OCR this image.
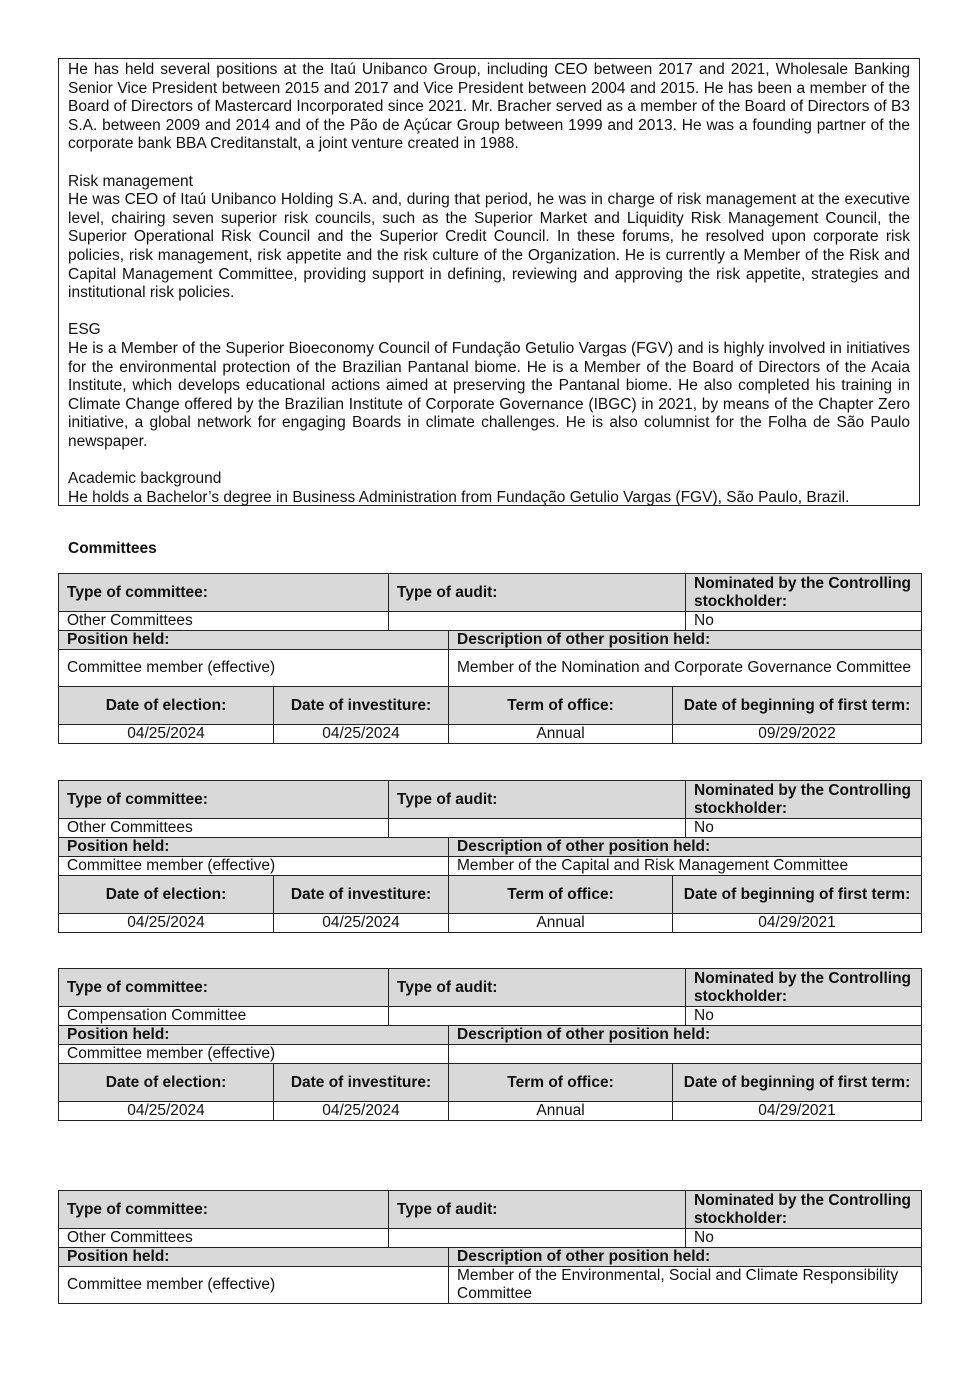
He has held several positions at the Itaú Unibanco Group, including CEO between 2017 and 2021, Wholesale Banking Senior Vice President between 2015 and 2017 and Vice President between 2004 and 2015. He has been a member of the Board of Directors of Mastercard Incorporated since 2021. Mr. Bracher served as a member of the Board of Directors of B3 S.A. between 2009 and 2014 and of the Pão de Açúcar Group between 1999 and 2013. He was a founding partner of the corporate bank BBA Creditanstalt, a joint venture created in 1988.

Risk management
He was CEO of Itaú Unibanco Holding S.A. and, during that period, he was in charge of risk management at the executive level, chairing seven superior risk councils, such as the Superior Market and Liquidity Risk Management Council, the Superior Operational Risk Council and the Superior Credit Council. In these forums, he resolved upon corporate risk policies, risk management, risk appetite and the risk culture of the Organization. He is currently a Member of the Risk and Capital Management Committee, providing support in defining, reviewing and approving the risk appetite, strategies and institutional risk policies.

ESG
He is a Member of the Superior Bioeconomy Council of Fundação Getulio Vargas (FGV) and is highly involved in initiatives for the environmental protection of the Brazilian Pantanal biome. He is a Member of the Board of Directors of the Acaia Institute, which develops educational actions aimed at preserving the Pantanal biome. He also completed his training in Climate Change offered by the Brazilian Institute of Corporate Governance (IBGC) in 2021, by means of the Chapter Zero initiative, a global network for engaging Boards in climate challenges. He is also columnist for the Folha de São Paulo newspaper.

Academic background
He holds a Bachelor’s degree in Business Administration from Fundação Getulio Vargas (FGV), São Paulo, Brazil.

Committees
Type of committee:		Type of audit:			Nominated by the Controlling stockholder:
Other Committees					No
Position held:			Description of other position held:		
Committee member (effective)			Member of the Nomination and Corporate Governance Committee		
Date of election:	Date of investiture:		Term of office:	Date of beginning of first term:	
04/25/2024	04/25/2024		Annual	09/29/2022	
Type of committee:		Type of audit:			Nominated by the Controlling stockholder:
Other Committees					No
Position held:			Description of other position held:		
Committee member (effective)			Member of the Capital and Risk Management Committee		
Date of election:	Date of investiture:		Term of office:	Date of beginning of first term:	
04/25/2024	04/25/2024		Annual	04/29/2021	
Type of committee:		Type of audit:			Nominated by the Controlling stockholder:
Compensation Committee					No
Position held:			Description of other position held:		
Committee member (effective)					
Date of election:	Date of investiture:		Term of office:	Date of beginning of first term:	
04/25/2024	04/25/2024		Annual	04/29/2021	
Type of committee:	Type of audit:		Nominated by the Controlling stockholder:
Other Committees			No
Position held:		Description of other position held:	
Committee member (effective)		Member of the Environmental, Social and Climate Responsibility Committee	
